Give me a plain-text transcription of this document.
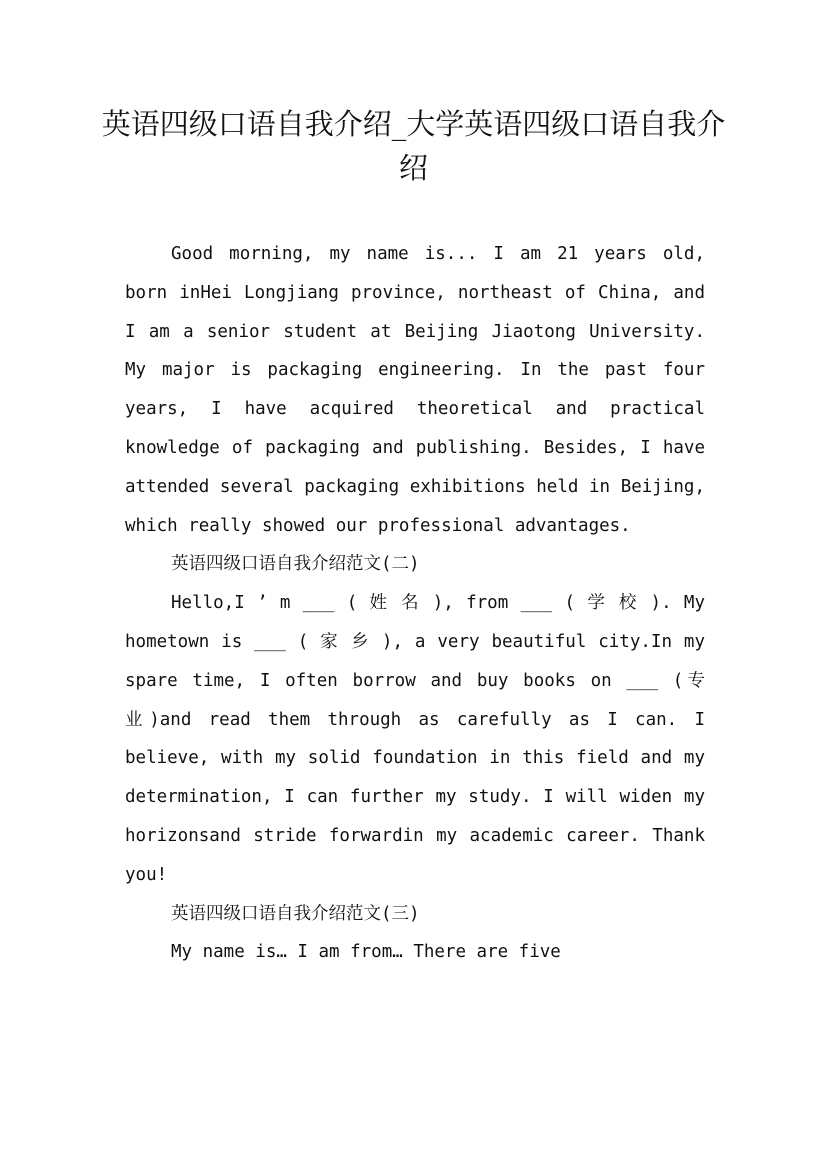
英语四级口语自我介绍_大学英语四级口语自我介绍

Good morning, my name is... I am 21 years old, born inHei Longjiang province, northeast of China, and I am a senior student at Beijing Jiaotong University. My major is packaging engineering. In the past four years, I have acquired theoretical and practical knowledge of packaging and publishing. Besides, I have attended several packaging exhibitions held in Beijing, which really showed our professional advantages.

英语四级口语自我介绍范文(二)

Hello,I ’ m ___ ( 姓 名 ), from ___ ( 学 校 ). My hometown is ___ ( 家 乡 ), a very beautiful city.In my spare time, I often borrow and buy books on ___ (专业)and read them through as carefully as I can. I believe, with my solid foundation in this field and my determination, I can further my study. I will widen my horizonsand stride forwardin my academic career. Thank you!

英语四级口语自我介绍范文(三)

My name is… I am from… There are five
